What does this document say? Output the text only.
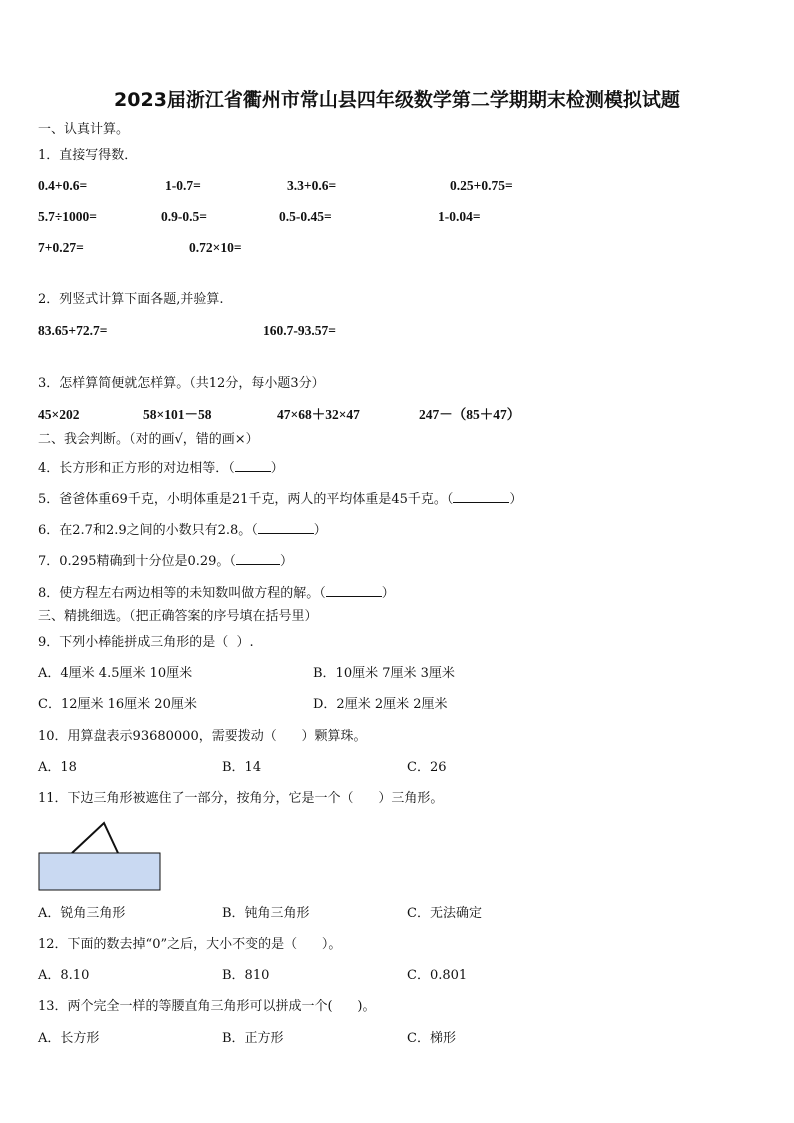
2023届浙江省衢州市常山县四年级数学第二学期期末检测模拟试题
一、认真计算。
1．直接写得数．
0.4+0.6=	1-0.7=	3.3+0.6=	0.25+0.75=
5.7÷1000=	0.9-0.5=	0.5-0.45=	1-0.04=
7+0.27=	0.72×10=
2．列竖式计算下面各题,并验算.
83.65+72.7=	160.7-93.57=
3．怎样算简便就怎样算。（共12分，每小题3分）
45×202	58×101－58	47×68＋32×47	247－（85＋47）
二、我会判断。（对的画√，错的画×）
4．长方形和正方形的对边相等．（	）
5．爸爸体重69千克，小明体重是21千克，两人的平均体重是45千克。（	）
6．在2.7和2.9之间的小数只有2.8。（	）
7．0.295精确到十分位是0.29。（	）
8．使方程左右两边相等的未知数叫做方程的解。（	）
三、精挑细选。（把正确答案的序号填在括号里）
9．下列小棒能拼成三角形的是（  ）.
A．4厘米 4.5厘米 10厘米	B．10厘米 7厘米 3厘米
C．12厘米 16厘米 20厘米	D．2厘米 2厘米 2厘米
10．用算盘表示93680000，需要拨动（      ）颗算珠。
A．18	B．14	C．26
11．下边三角形被遮住了一部分，按角分，它是一个（      ）三角形。
A．锐角三角形	B．钝角三角形	C．无法确定
12．下面的数去掉“0”之后，大小不变的是（      ）。
A．8.10	B．810	C．0.801
13．两个完全一样的等腰直角三角形可以拼成一个(      )。
A．长方形	B．正方形	C．梯形
